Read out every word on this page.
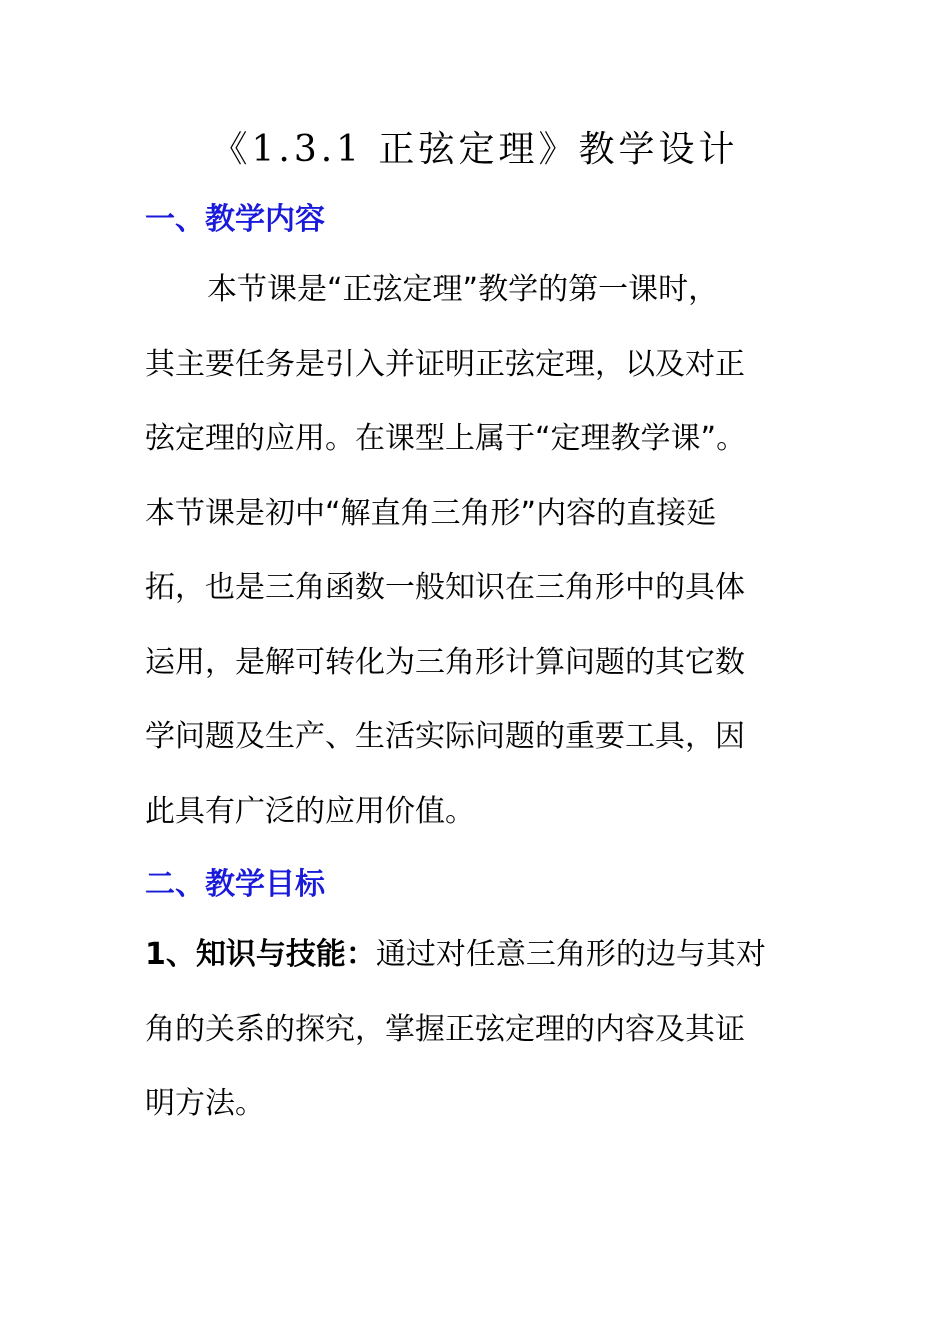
《1.3.1 正弦定理》教学设计
一、教学内容
本节课是“正弦定理”教学的第一课时，
其主要任务是引入并证明正弦定理，以及对正
弦定理的应用。在课型上属于“定理教学课”。
本节课是初中“解直角三角形”内容的直接延
拓，也是三角函数一般知识在三角形中的具体
运用，是解可转化为三角形计算问题的其它数
学问题及生产、生活实际问题的重要工具，因
此具有广泛的应用价值。
二、教学目标
1、知识与技能：通过对任意三角形的边与其对
角的关系的探究，掌握正弦定理的内容及其证
明方法。
